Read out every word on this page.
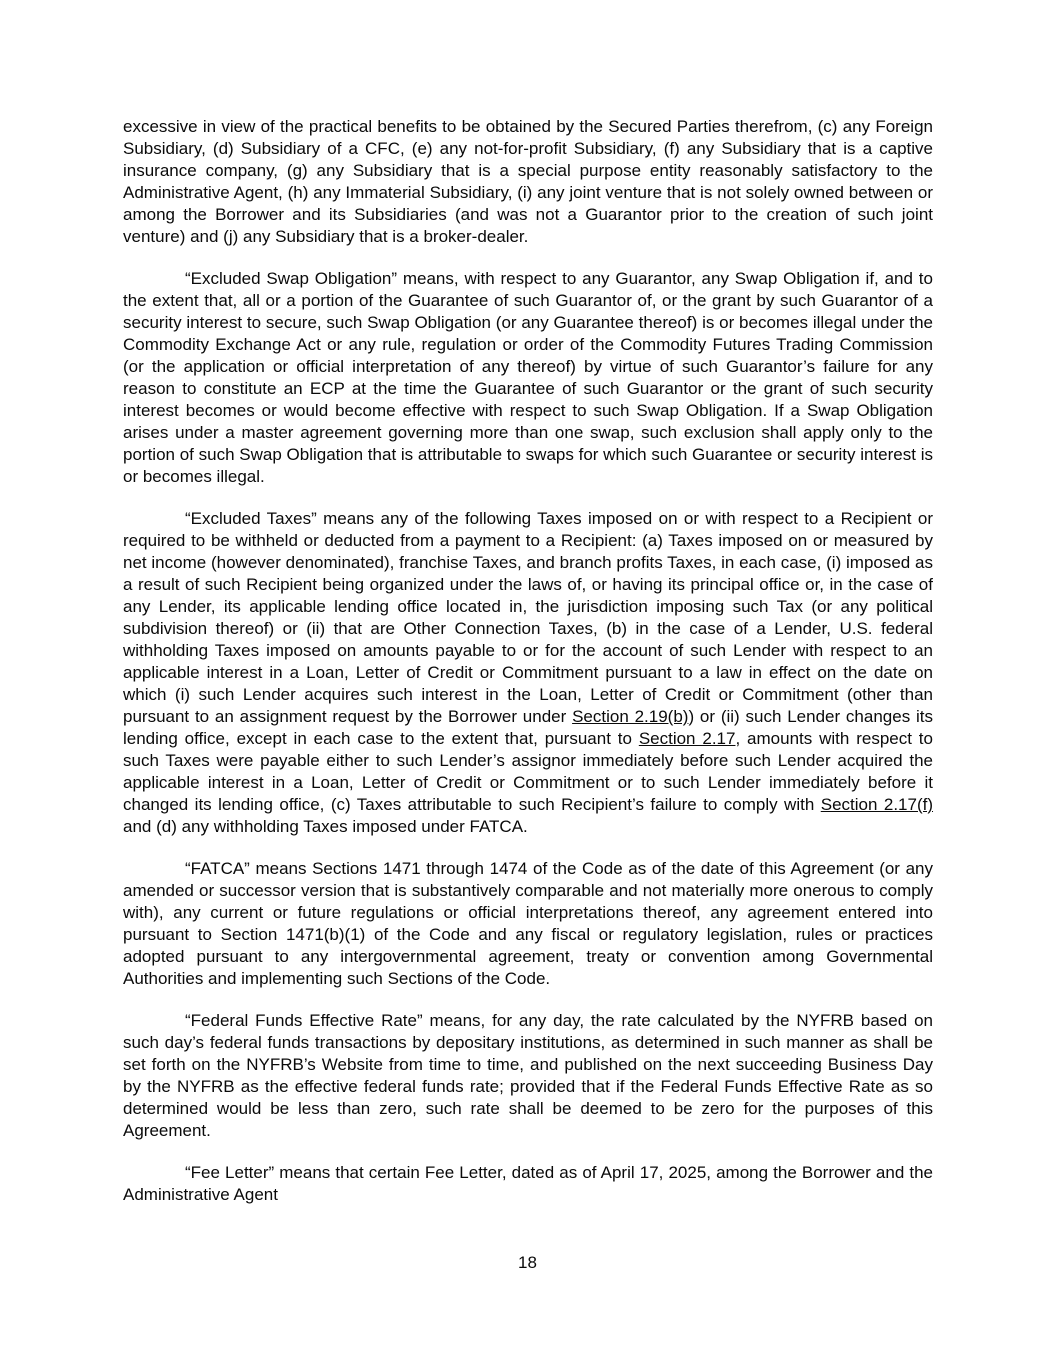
excessive in view of the practical benefits to be obtained by the Secured Parties therefrom, (c) any Foreign Subsidiary, (d) Subsidiary of a CFC, (e) any not-for-profit Subsidiary, (f) any Subsidiary that is a captive insurance company, (g) any Subsidiary that is a special purpose entity reasonably satisfactory to the Administrative Agent, (h) any Immaterial Subsidiary, (i) any joint venture that is not solely owned between or among the Borrower and its Subsidiaries (and was not a Guarantor prior to the creation of such joint venture) and (j) any Subsidiary that is a broker-dealer.

“Excluded Swap Obligation” means, with respect to any Guarantor, any Swap Obligation if, and to the extent that, all or a portion of the Guarantee of such Guarantor of, or the grant by such Guarantor of a security interest to secure, such Swap Obligation (or any Guarantee thereof) is or becomes illegal under the Commodity Exchange Act or any rule, regulation or order of the Commodity Futures Trading Commission (or the application or official interpretation of any thereof) by virtue of such Guarantor’s failure for any reason to constitute an ECP at the time the Guarantee of such Guarantor or the grant of such security interest becomes or would become effective with respect to such Swap Obligation. If a Swap Obligation arises under a master agreement governing more than one swap, such exclusion shall apply only to the portion of such Swap Obligation that is attributable to swaps for which such Guarantee or security interest is or becomes illegal.

“Excluded Taxes” means any of the following Taxes imposed on or with respect to a Recipient or required to be withheld or deducted from a payment to a Recipient: (a) Taxes imposed on or measured by net income (however denominated), franchise Taxes, and branch profits Taxes, in each case, (i) imposed as a result of such Recipient being organized under the laws of, or having its principal office or, in the case of any Lender, its applicable lending office located in, the jurisdiction imposing such Tax (or any political subdivision thereof) or (ii) that are Other Connection Taxes, (b) in the case of a Lender, U.S. federal withholding Taxes imposed on amounts payable to or for the account of such Lender with respect to an applicable interest in a Loan, Letter of Credit or Commitment pursuant to a law in effect on the date on which (i) such Lender acquires such interest in the Loan, Letter of Credit or Commitment (other than pursuant to an assignment request by the Borrower under Section 2.19(b)) or (ii) such Lender changes its lending office, except in each case to the extent that, pursuant to Section 2.17, amounts with respect to such Taxes were payable either to such Lender’s assignor immediately before such Lender acquired the applicable interest in a Loan, Letter of Credit or Commitment or to such Lender immediately before it changed its lending office, (c) Taxes attributable to such Recipient’s failure to comply with Section 2.17(f) and (d) any withholding Taxes imposed under FATCA.

“FATCA” means Sections 1471 through 1474 of the Code as of the date of this Agreement (or any amended or successor version that is substantively comparable and not materially more onerous to comply with), any current or future regulations or official interpretations thereof, any agreement entered into pursuant to Section 1471(b)(1) of the Code and any fiscal or regulatory legislation, rules or practices adopted pursuant to any intergovernmental agreement, treaty or convention among Governmental Authorities and implementing such Sections of the Code.

“Federal Funds Effective Rate” means, for any day, the rate calculated by the NYFRB based on such day’s federal funds transactions by depositary institutions, as determined in such manner as shall be set forth on the NYFRB’s Website from time to time, and published on the next succeeding Business Day by the NYFRB as the effective federal funds rate; provided that if the Federal Funds Effective Rate as so determined would be less than zero, such rate shall be deemed to be zero for the purposes of this Agreement.

“Fee Letter” means that certain Fee Letter, dated as of April 17, 2025, among the Borrower and the Administrative Agent

18
